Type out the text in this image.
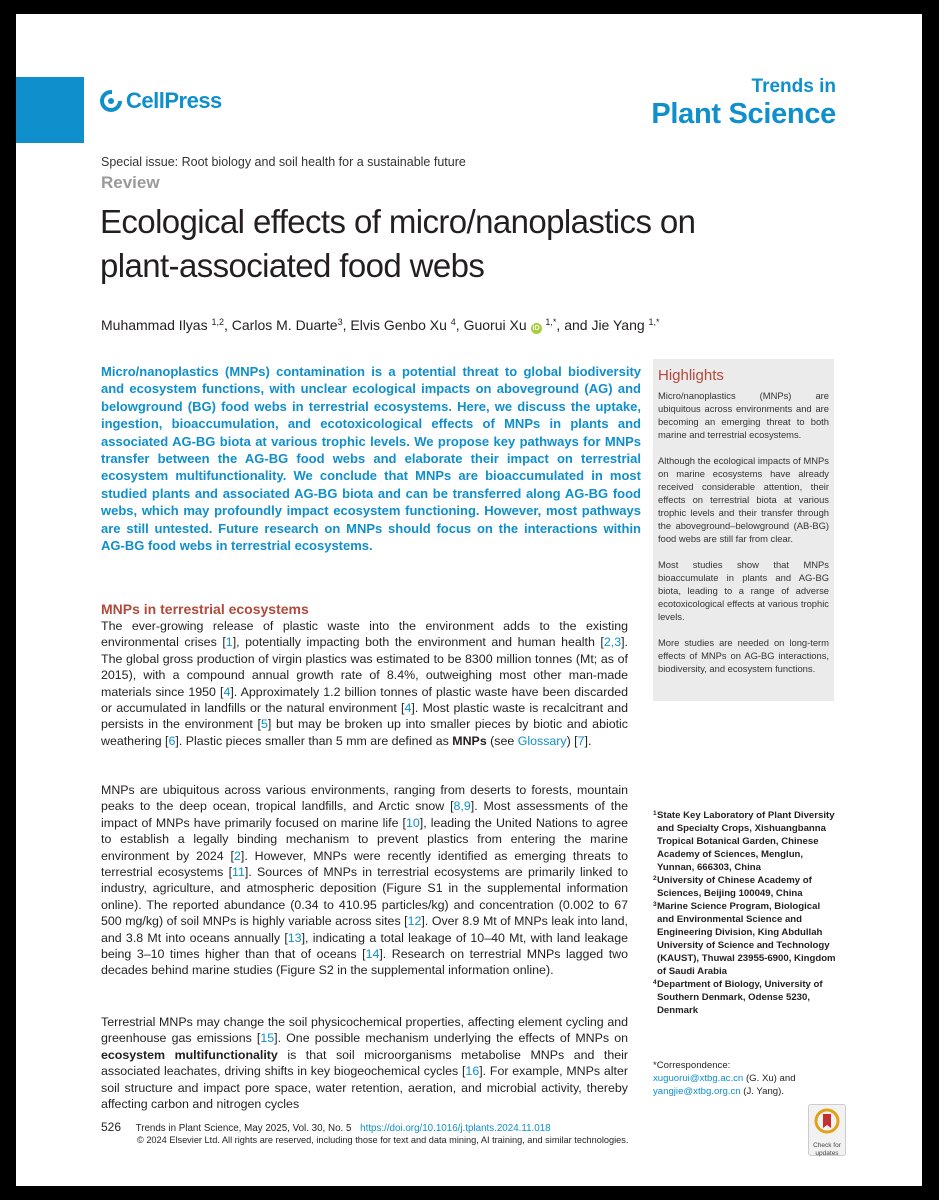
CellPress
Trends in
Plant Science
Special issue: Root biology and soil health for a sustainable future
Review
Ecological effects of micro/nanoplastics on
plant-associated food webs
Muhammad Ilyas $^{1,2}$, Carlos M. Duarte$^3$, Elvis Genbo Xu $^4$, Guorui Xu iD $^{1,*}$, and Jie Yang $^{1,*}$

Micro/nanoplastics (MNPs) contamination is a potential threat to global biodiversity and ecosystem functions, with unclear ecological impacts on aboveground (AG) and belowground (BG) food webs in terrestrial ecosystems. Here, we discuss the uptake, ingestion, bioaccumulation, and ecotoxicological effects of MNPs in plants and associated AG-BG biota at various trophic levels. We propose key pathways for MNPs transfer between the AG-BG food webs and elaborate their impact on terrestrial ecosystem multifunctionality. We conclude that MNPs are bioaccumulated in most studied plants and associated AG-BG biota and can be transferred along AG-BG food webs, which may profoundly impact ecosystem functioning. However, most pathways are still untested. Future research on MNPs should focus on the interactions within AG-BG food webs in terrestrial ecosystems.

Highlights

Micro/nanoplastics (MNPs) are ubiquitous across environments and are becoming an emerging threat to both marine and terrestrial ecosystems.

Although the ecological impacts of MNPs on marine ecosystems have already received considerable attention, their effects on terrestrial biota at various trophic levels and their transfer through the aboveground–belowground (AB-BG) food webs are still far from clear.

Most studies show that MNPs bioaccumulate in plants and AG-BG biota, leading to a range of adverse ecotoxicological effects at various trophic levels.

More studies are needed on long-term effects of MNPs on AG-BG interactions, biodiversity, and ecosystem functions.

MNPs in terrestrial ecosystems

The ever-growing release of plastic waste into the environment adds to the existing environmental crises [1], potentially impacting both the environment and human health [2,3]. The global gross production of virgin plastics was estimated to be 8300 million tonnes (Mt; as of 2015), with a compound annual growth rate of 8.4%, outweighing most other man-made materials since 1950 [4]. Approximately 1.2 billion tonnes of plastic waste have been discarded or accumulated in landfills or the natural environment [4]. Most plastic waste is recalcitrant and persists in the environment [5] but may be broken up into smaller pieces by biotic and abiotic weathering [6]. Plastic pieces smaller than 5 mm are defined as MNPs (see Glossary) [7].

MNPs are ubiquitous across various environments, ranging from deserts to forests, mountain peaks to the deep ocean, tropical landfills, and Arctic snow [8,9]. Most assessments of the impact of MNPs have primarily focused on marine life [10], leading the United Nations to agree to establish a legally binding mechanism to prevent plastics from entering the marine environment by 2024 [2]. However, MNPs were recently identified as emerging threats to terrestrial ecosystems [11]. Sources of MNPs in terrestrial ecosystems are primarily linked to industry, agriculture, and atmospheric deposition (Figure S1 in the supplemental information online). The reported abundance (0.34 to 410.95 particles/kg) and concentration (0.002 to 67 500 mg/kg) of soil MNPs is highly variable across sites [12]. Over 8.9 Mt of MNPs leak into land, and 3.8 Mt into oceans annually [13], indicating a total leakage of 10–40 Mt, with land leakage being 3–10 times higher than that of oceans [14]. Research on terrestrial MNPs lagged two decades behind marine studies (Figure S2 in the supplemental information online).

Terrestrial MNPs may change the soil physicochemical properties, affecting element cycling and greenhouse gas emissions [15]. One possible mechanism underlying the effects of MNPs on ecosystem multifunctionality is that soil microorganisms metabolise MNPs and their associated leachates, driving shifts in key biogeochemical cycles [16]. For example, MNPs alter soil structure and impact pore space, water retention, aeration, and microbial activity, thereby affecting carbon and nitrogen cycles

1 State Key Laboratory of Plant Diversity and Specialty Crops, Xishuangbanna Tropical Botanical Garden, Chinese Academy of Sciences, Menglun, Yunnan, 666303, China
2 University of Chinese Academy of Sciences, Beijing 100049, China
3 Marine Science Program, Biological and Environmental Science and Engineering Division, King Abdullah University of Science and Technology (KAUST), Thuwal 23955-6900, Kingdom of Saudi Arabia
4 Department of Biology, University of Southern Denmark, Odense 5230, Denmark
*Correspondence:
xuguorui@xtbg.ac.cn (G. Xu) and
yangjie@xtbg.org.cn (J. Yang).
Check for
updates
526 Trends in Plant Science, May 2025, Vol. 30, No. 5 https://doi.org/10.1016/j.tplants.2024.11.018
© 2024 Elsevier Ltd. All rights are reserved, including those for text and data mining, AI training, and similar technologies.
